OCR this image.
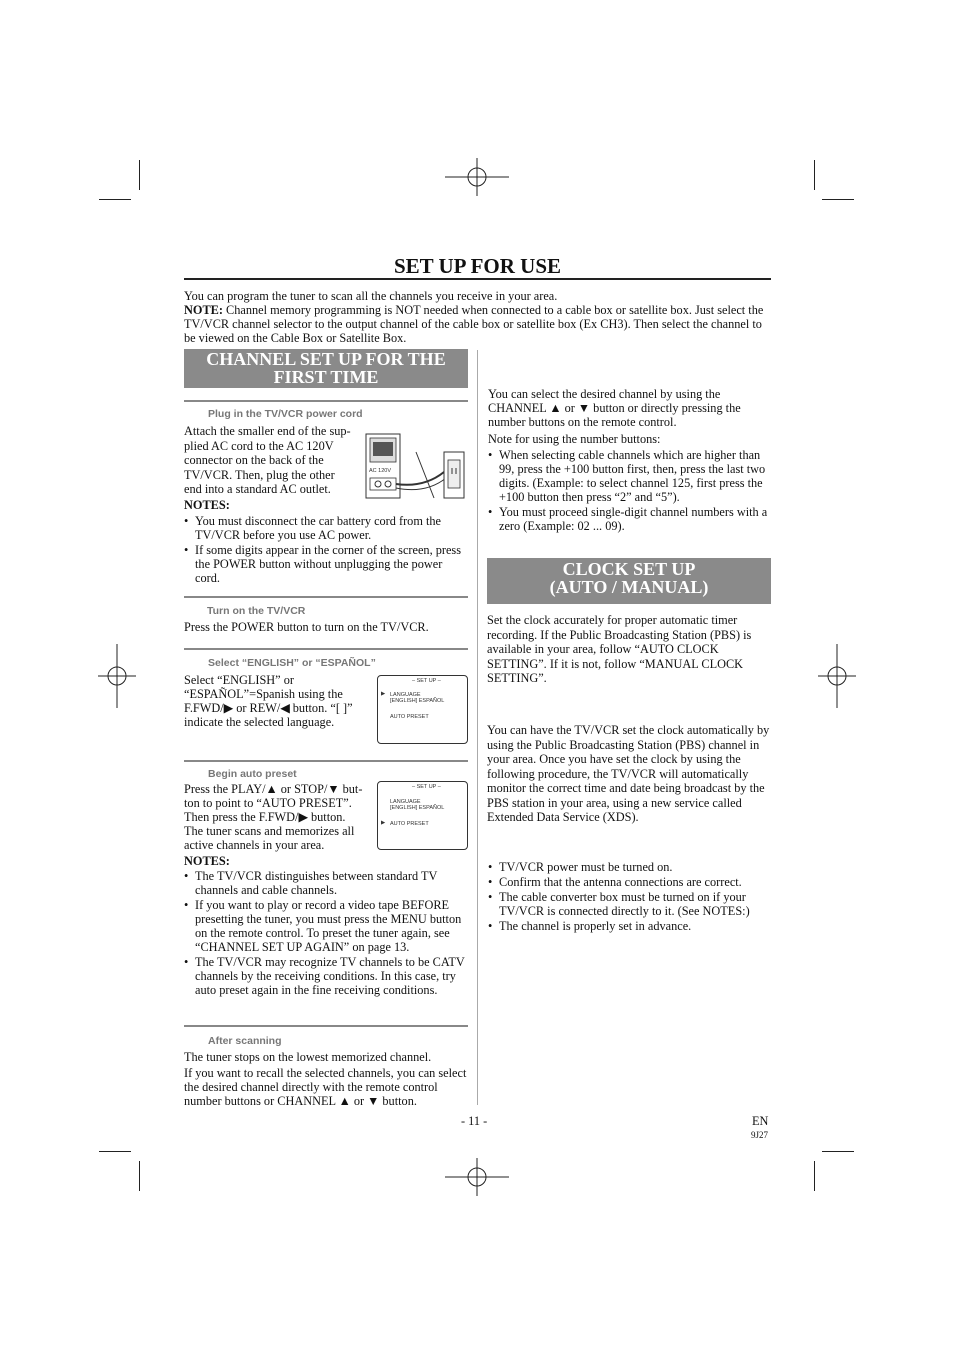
SET UP FOR USE
You can program the tuner to scan all the channels you receive in your area.
NOTE: Channel memory programming is NOT needed when connected to a cable box or satellite box. Just select the TV/VCR channel selector to the output channel of the cable box or satellite box (Ex CH3). Then select the channel to be viewed on the Cable Box or Satellite Box.
CHANNEL SET UP FOR THE
FIRST TIME
Plug in the TV/VCR power cord
Attach the smaller end of the sup-
plied AC cord to the AC 120V
connector on the back of the
TV/VCR. Then, plug the other
end into a standard AC outlet.
AC 120V
NOTES:
• You must disconnect the car battery cord from the TV/VCR before you use AC power.
• If some digits appear in the corner of the screen, press the POWER button without unplugging the power cord.
Turn on the TV/VCR
Press the POWER button to turn on the TV/VCR.
Select “ENGLISH” or “ESPAÑOL”
Select “ENGLISH” or
“ESPAÑOL”=Spanish using the
F.FWD/▶ or REW/◀ button. “[ ]”
indicate the selected language.
– SET UP –
▶ LANGUAGE
[ENGLISH] ESPAÑOL
AUTO PRESET
Begin auto preset
Press the PLAY/▲ or STOP/▼ but-
ton to point to “AUTO PRESET”.
Then press the F.FWD/▶ button.
The tuner scans and memorizes all
active channels in your area.
– SET UP –
LANGUAGE
[ENGLISH] ESPAÑOL
▶ AUTO PRESET
NOTES:
• The TV/VCR distinguishes between standard TV channels and cable channels.
• If you want to play or record a video tape BEFORE presetting the tuner, you must press the MENU button on the remote control. To preset the tuner again, see “CHANNEL SET UP AGAIN” on page 13.
• The TV/VCR may recognize TV channels to be CATV channels by the receiving conditions. In this case, try auto preset again in the fine receiving conditions.
After scanning
The tuner stops on the lowest memorized channel.
If you want to recall the selected channels, you can select the desired channel directly with the remote control number buttons or CHANNEL ▲ or ▼ button.
You can select the desired channel by using the CHANNEL ▲ or ▼ button or directly pressing the number buttons on the remote control.
Note for using the number buttons:
• When selecting cable channels which are higher than 99, press the +100 button first, then, press the last two digits. (Example: to select channel 125, first press the +100 button then press “2” and “5”).
• You must proceed single-digit channel numbers with a zero (Example: 02 ... 09).
CLOCK SET UP
(AUTO / MANUAL)
Set the clock accurately for proper automatic timer recording. If the Public Broadcasting Station (PBS) is available in your area, follow “AUTO CLOCK SETTING”. If it is not, follow “MANUAL CLOCK SETTING”.
You can have the TV/VCR set the clock automatically by using the Public Broadcasting Station (PBS) channel in your area. Once you have set the clock by using the following procedure, the TV/VCR will automatically monitor the correct time and date being broadcast by the PBS station in your area, using a new service called Extended Data Service (XDS).
• TV/VCR power must be turned on.
• Confirm that the antenna connections are correct.
• The cable converter box must be turned on if your TV/VCR is connected directly to it. (See NOTES:)
• The channel is properly set in advance.
- 11 -	EN
9J27
